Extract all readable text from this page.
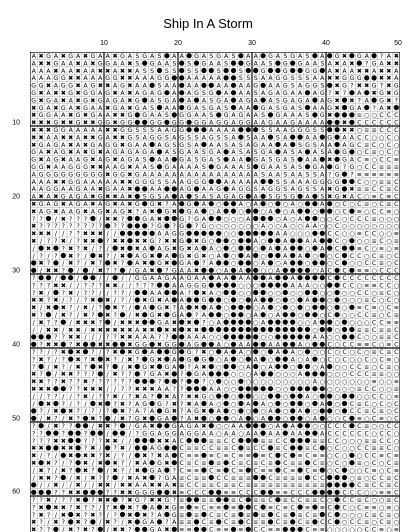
Ship In A Storm
10	20	30	40	50
10
20
30
40
50
60
A ✖ G A ✖ G A ✖ G A A ✖ G A S G A S A A G A S G A S A A G A S G A S A G ✖ G A ? A ✖
A ✖ ✖ G A A ✖ A ✖ G G A A ✖ S G A A S S G A A S	G A A S G G A A S A ✖ A ✖ ? G A ✖ ✖
A A A ✖ A A ✖ A A ✖ ✖ A ✖ ✖ A S S S S S S	S	S	G	G	G G A ✖ A A ✖ ✖ A ✖ ✖ A
A A A G G ✖ ✖ A A A G G ✖ ✖ A A A G G	A A A A A	S S S A A G G S S S A A ✖ ✖ G G G	✖ ✖ A
G G ✖ A G G ✖ A G ✖ ✖ A G ✖ A A S A A A A	A A A A G A A G S A G G S ✖ G ? ✖ ✖ G ? ✖ G
G ✖ A ✖ ✖ G ✖ G G A G ✖ A ✖ A G A G A A G S G A A A S A G A G A A A G ? ✖ ? A ✖ G ✖ G
G ✖ G A ✖ A ✖ G ✖ G A G A ✖ G A S G A A A S G A A G A A S G A G A A G ✖ ✖ ? A G ✖ ?
✖ G A ✖ G A ✖ G A A ✖ G A ✖ G A S A A G A S G A S A A G A S G A S A A G ✖ G A ? A ✖
✖ G G A A ✖ G ✖ G A A ✖ ✖ G G A A S G G A A S G A G A A S G A A A S G ✖	≡ ○ ○ C C C
✖ ✖ ✖ G ✖ ✖ G ✖ ✖ G G ✖ G G	G G G G G G A G G A G G A A G A A G A A A A	✖ C C C C C C
✖ ✖ ✖ G G A A A A A ✖ ✖ G G S S S A A G G	A A A A	S S A A G G G S S	✖ ✖ ○ ≡ ≡ C C C
✖ ✖ A A ✖ ✖ A ✖ ✖ G A ✖ ✖ G S A G G S A G S S A G S S A S A A S A	A A G A A C C ○ ○ C ○
✖ G A G A ✖ A ✖ G A G G ✖ G A A A G S G S A A A S A S A G A A A S G S A A A G C ≡ C ○ C ○
G A ✖ A G ✖ A ✖ G ✖ A G A G A G A A S G A A S G A A S A S G A A S A A S A G ○ C ≡ ○ C ○
G ✖ A G ✖ A A G ✖ A G ✖ A G A S A A G A S G A S A A G A S G A S A A ✖ G A C ≡ ○ C C ≡
G G ✖ A A G G G ✖ ✖ A A G ✖ A A S G A A A A S G A A A S G A A S A S G A G ? G ○ C C ≡ ≡ ≡
A G G G G G G G G G ✖ G G ✖ G A A A A A A A A A A A A A A A A S A A S A A S S A ? G ? ≡ ≡ ≡ ≡ ≡ ≡
A A A ✖ ✖ G G A A A A A ✖ ✖ G G G S S A A G G G	A A A A A	S S A A A G G G G	C ○ ○ ≡ ≡ C
A A G G A A G A A ✖ G A A ✖	A A	A G A A G A G G S A G G S A G S S A ✖ G ✖ ≡ ≡ C C ≡ C
A ✖ A ✖ G A G A ✖ G ✖ ✖ A ✖ S G S A A S A S A G A G A S G S G A S ✖ G ✖ A C ○ ≡ C ≡ C
✖ G A G ✖ A G A ✖ A G ✖ A ✖ G G ✖ ? A G A ○	A ○ A ○ ○ A ○	A ○ C ○ C ≡ ○ C ≡ C
✖ A G ✖ A A G ✖ A G ✖ A G ✖ ? A ✖ G ✖ G A ○ A	○	○ A ○ A	○	○ C ≡ ○ C C ≡ ○
? ? / ✖ ? ? ? / ✖ ✖ ?	G A ✖	G ? G A	○ ○ ○ A	○ A ○ A	○ ○ C ○ C C C ≡ ○ ○ ○
✖ ? ? ? ? ? ? ? ? ? ? ?	? G ? G ? G ○ ○ ○ ○ ○ ○ ○ A ○ ○ A ○ ○ A A ○ ○ C ○ ○ ○ ○ ○ ○ ○ ○
✖ ✖ ✖ / / ? ? ✖ ✖ ✖ / /	A A G G	○ ○	A A ○ ○ ○	C C ○ ○ ≡ C C ○ ○ ≡
✖ / ? ? ✖ / ? ✖ ✖ ? ✖ ✖ ✖ ✖ G ? ✖ ✖ G ✖ G ○	○	A ○	A	A A	C ○ ○ ○ ≡ C ○ ≡
/ ✖ ? ✖ ? ✖ / ? / ✖ ✖ A A G ✖ G ✖ A A ○ ○	○ A A	○ A C	≡ C ○ ≡ ○ ≡
/ ? / ? ✖ ? / ✖ ? / ✖ A G ✖ A G ✖ G ✖ ○ A ○ A ○	A A ○ ○ C C C ○ C ≡ ○ C
✖ ? / ✖ ? / ✖ ? ✖ ? A ✖ G ✖ G A ? A	○	○ A ○ A	○	○ C ○ ○ C C ≡ ○ C
/ ✖ ✖ ? / / ✖ ? ? / G A ✖ ? G A A ✖	○ A A	○ ○ A	○ A C C ≡ ≡ ○ C C C
?	/	/	/ / / / G G A A G A A G A A A A A A	A	A	C C C C C C C C C
? ? ? ✖ ✖ / / ? ? ? ✖ ✖ / / ? ? ?	A A G G G	○ ○ ○	A A A ○ ○	C C ○ ≡ ≡ C C ○
? ✖ / ? ✖ / ? ? / / ? ? /	A A	A ? ✖ A ○	○ ○	○ ○ ○ ○	○ ○ ○ ○ C C ○ ≡ C ○
✖ ✖ ? ✖ / ? / ? ✖ ✖ / ? / ✖ G ✖ A A	G	○ ○ A	○ ○ A	○ ○ ○ ○ ≡ C ○ C ○
✖ / ✖ ✖ ? / ✖ / ? ✖ ? / A G ✖ ? A ✖ A ○	○ A ○ ○ ○	○ ○ ≡ C ≡ ○ C ≡
✖ ? / ✖ ? / ✖ ? ✖ ? / ✖ G ✖ G A ? A	○	○ A ○ A	○	○ C ○ ○ C C ≡ ○ C ≡
/ ✖ ? ? / ✖ ✖ ✖ ? / ✖ ✖ ✖	G A ✖ ✖ ? ○ A	○ A	○ ○ A	○ ○ ○ ○ C C ≡ ≡
/ / ✖ ✖ / ✖ ✖ / ✖ ✖ ✖ ✖ ✖ ✖ A ✖ ✖ ✖ ✖ ✖ ✖	○	○	≡ ≡ C ≡ ≡ C
? ? ✖ ✖ / / / ? ? ✖ ✖ A A A ? ?	A A A ○ ○	○ ○	A A ○ ○	C ○ ○ ≡ ≡ C
? ✖ ✖ ? ✖	✖ ✖	✖ G G ✖ G G A G	A ○ A A	A A	A ○	C ○ C C ≡ ≡ C ○ ≡ C
? ? / ? ✖ ✖ ? / ? ✖ ✖ G A	G G ? ✖ ○ A A ○ ○ A A ○ ○ ○ C ○ C ○ C ○ ≡ C ≡ C
? ✖ ? / ? ✖ ? ✖ ✖ ? / ✖ ? G ✖ A G G ○ A ○ A ○	A ○ A ○ C ○ C ○ ○ C ○ C ≡ ○
? / ✖ ? / ✖ ? ✖ ? / ✖ G ✖ G A ? A ✖ ○	○ A ○ A	○	○ A ○ ○ C C ≡ ○ C ≡ ○
✖ ? / ✖ ✖ ? ? ? / ✖ ? ? ? G A ✖ ? G A	○ ○ ○ A	○ ○ ○ A	○ ○ ○ C C C ≡ ≡ ○ ○
✖ ✖ ? ? ✖ ? ? ✖ ? ? ? ? ? ?	?	?	? ○ ○ ○ ○ ○ ○ ○ ○ ○ ○ ○ ○ A ○ ○ ○ ○ ○ ○ ○ ≡ ○ ○ ≡
✖ ✖ ✖	? ? ✖ ✖ ✖ / / ? ? ✖ ✖ ✖ A A ? ?	A A ○ ○	○ ○	○ ○ ○ ○ ≡ C C ○ ○ ≡
/ / ? ? / / ? ✖ / ? ? ✖ / ? ✖ A ? ✖ A ? ✖ ✖ G ○	○	○ ○	○	A ○	○	○ ○ C C ○ ≡
/ ✖ ? / ? / ✖ ? ✖ ? A G G ? ✖ ? ✖ A A ○ ○ A A ○ ○	○ A ○ C ≡ C ○ C ○ C
? / ✖ ✖ ? / ? / ? ✖ ? A ? A G ✖ ? A G ✖ A ○ ○ ○ A ○ A ○	○ C C ≡ C ≡ ○ C
/ ✖ ? / ✖ ? ✖ ? / ✖ ? G ✖ G A ? A ✖ ○	○ A ○ A	○	○ A ○ ○ C ≡ ○ C ≡ ○ C
? / ✖ ? ?	/ ✖ ✖ ? / G A ✖	G A G A ✖ ○ ○ A A	○ A A	○ ○ C C C C ≡ ○ ○ C C
? ?	?	?	/	/ ? G G A G G A G G A A ○ A A ○ A A A A A A	A C C C C C C ○ C C ○
? ? ? ✖ ✖	? ? ? ✖ ✖ / /	✖ ✖ A C	≡ ≡ C C	≡ ≡ C C	≡ ≡ C C ○ ○ ○ ≡ ≡ C C ○
✖ ✖	✖ ✖ ? ✖ / ? ✖ /	A G	C ≡ ≡ C C ≡ ≡ C ≡ C C ≡ C	≡ C ○ C ○ ○ C C ≡ ≡ C ○
✖ / ? / ✖ ✖ ✖ ? ✖ / ? / ✖ ? ✖ A C ≡ ≡ ≡ C ≡ C ≡ ≡ ≡ C C ≡ C ≡ ≡ ○ C ○ ○ C C ≡ C ≡
✖ ✖ ? / ? ✖ / ✖ ✖ ? / ✖ A G ✖ C ≡ C ≡ ≡ C ≡ C ≡ C ≡ C ≡ ≡ C ≡ ○ C ○ ≡ ○ C ○ C ≡
/ ✖ ? / ✖ ? ✖ ? / ✖ ? / ✖ G A ? C ≡ ≡ C ≡ C ≡ C ≡ ≡ C ≡ C ≡ ○ C ○ ○ C ≡ ○ C ≡
/ ✖ ✖ ? / ✖ / ✖ ? ? / ✖ A ✖ ? G A ≡ C ≡ ≡ C C ≡ ≡ ≡	C ≡ ≡ ≡ ≡ C C	○ ≡ ○ C C ≡ C
/ / ✖ / / ✖ / / ✖ ✖ / ✖ ✖ A A ✖ ✖ A ✖ ≡ C C ≡ ≡ C ≡ ≡ C ≡ ≡ ≡ ≡ ≡ ≡ ≡ ≡ ≡ ≡ ≡	C ≡ C C ≡ C
? ? ✖ ✖	? ? ✖ ✖ G G G	✖ ≡ C C C	≡ ≡ C C C	≡ ≡ C C C	C C C ○ ○ ≡ ≡ C
? ? ✖ / ? ? ✖ ? ✖ ✖ ? ✖ G ? ✖ ✖ G ? ≡	≡ ≡	≡ C ≡ ≡ C ≡ C C ≡ ≡ C ○ C C ≡ C ○ ○ ≡ C
? ✖ ✖ ✖ ? ✖ ? ? / ? ✖ ✖ ? A ✖ G ≡ ≡ C ≡ ≡ ≡	C ≡ C ≡ C ≡ ≡ C C ○ C ≡ ≡ ○ ≡ ○
? ✖ ? / ✖ ✖ ? ✖ ? / ? ✖ ✖ ? A G ≡ ≡ C ≡ C ≡ ≡ ≡ C ≡ ≡ C ≡ C ○ ○ ○ C ≡ C ≡ ○
✖ ? / ✖ ? ✖ ? / ✖ ? / ✖ G A ? A ≡ ≡ C ≡ C ≡ C ≡ ≡ C ≡ C ≡ C C ○ C C ≡ ○ C ≡ ○
✖ ? ? / ✖ ? ✖ ? / ✖ ✖ ?	G A ✖ ≡ ≡	C ≡ ≡ ≡ C C ≡ ≡	C ≡ ≡ ○ ○ ○ ○ ○ C C ≡ ○ ≡
